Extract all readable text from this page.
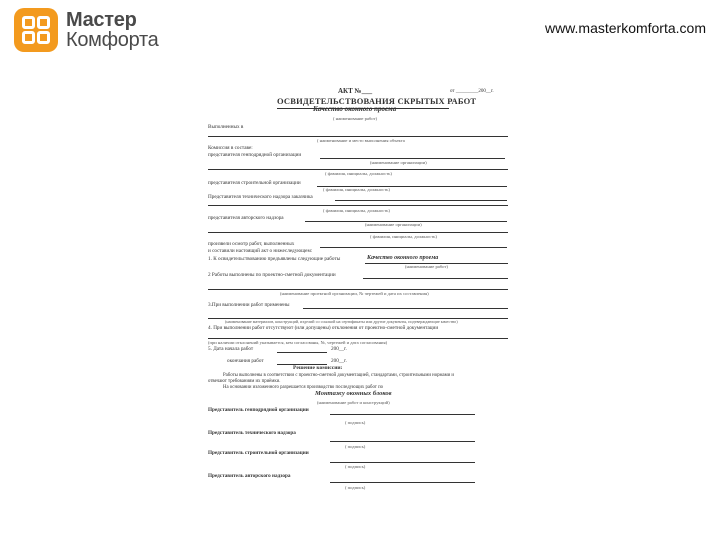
Мастер
Комфорта
www.masterkomforta.com
АКТ №___	от _________200__г.
ОСВИДЕТЕЛЬСТВОВАНИЯ СКРЫТЫХ РАБОТ
Качество оконного проема
( наименование работ)
Выполненных в
( наименование и место выполнения объекта
Комиссия в составе:
представителя генподрядной организации
(наименование организации)
( фамилия, инициалы, должность)
представителя строительной организации
( фамилия, инициалы, должность)
Представителя технического надзора заказчика
( фамилия, инициалы, должность)
представителя авторского надзора
(наименование организации)
( фамилия, инициалы, должность)
произвели осмотр работ, выполненных
и составили настоящий акт о нижеследующем:
1. К освидетельствованию предъявлены следующие работы	Качество оконного проема
(наименование работ)
2 Работы выполнены по проектно-сметной документации
(наименование проектной организации, № чертежей и дата их составления)
3.При выполнении работ применены
(наименование материалов, конструкций, изделий со ссылкой на сертификаты или другие документы, подтверждающие качество)
4. При выполнении работ отсутствуют (или допущены) отклонения от проектно-сметной документации
(при наличии отклонений указывается, кем согласованы, №, чертежей и дата согласования)
5. Дата начала работ	200__г.
окончания работ	200__г.
Решение комиссии:
Работы выполнены в соответствии с проектно-сметной документацией, стандартами, строительными нормами и
отвечают требованиям их приёмки.
На основании изложенного разрешается производство последующих работ по
Монтажу оконных блоков
(наименование работ и конструкций)
Представитель генподрядной организации
( подпись)
Представитель технического надзора
( подпись)
Представитель строительной организации
( подпись)
Представитель авторского надзора
( подпись)
